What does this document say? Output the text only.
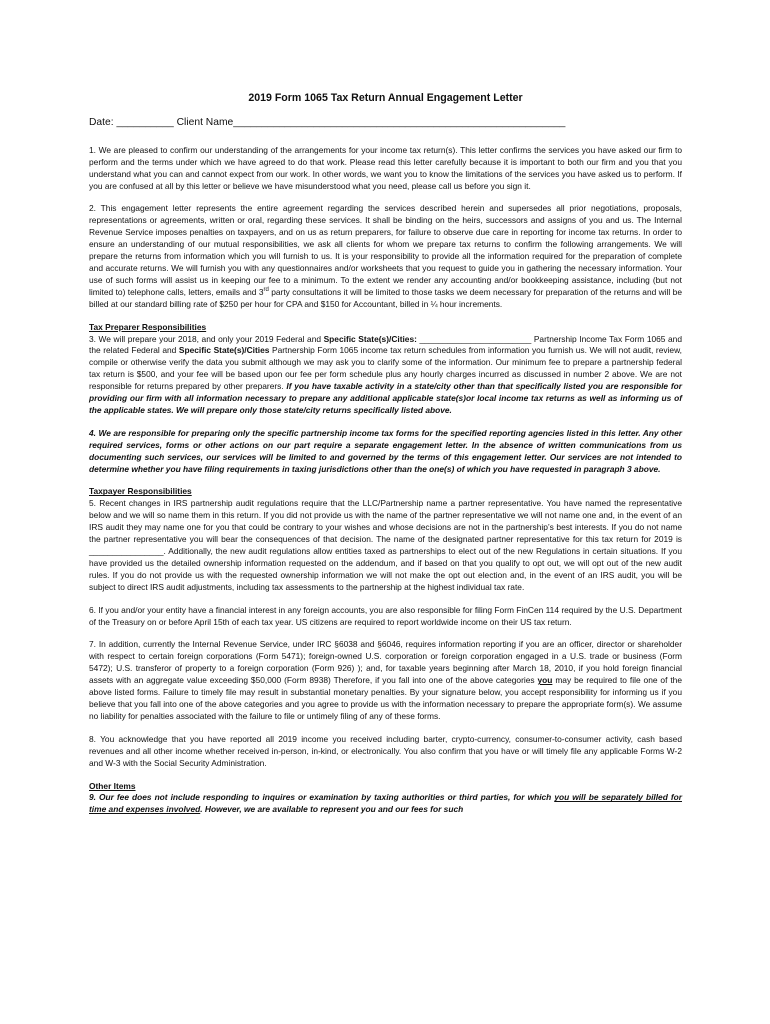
2019 Form 1065 Tax Return Annual Engagement Letter
Date: __________ Client Name__________________________________________________________

1. We are pleased to confirm our understanding of the arrangements for your income tax return(s). This letter confirms the services you have asked our firm to perform and the terms under which we have agreed to do that work. Please read this letter carefully because it is important to both our firm and you that you understand what you can and cannot expect from our work. In other words, we want you to know the limitations of the services you have asked us to perform. If you are confused at all by this letter or believe we have misunderstood what you need, please call us before you sign it.

2. This engagement letter represents the entire agreement regarding the services described herein and supersedes all prior negotiations, proposals, representations or agreements, written or oral, regarding these services. It shall be binding on the heirs, successors and assigns of you and us. The Internal Revenue Service imposes penalties on taxpayers, and on us as return preparers, for failure to observe due care in reporting for income tax returns. In order to ensure an understanding of our mutual responsibilities, we ask all clients for whom we prepare tax returns to confirm the following arrangements. We will prepare the returns from information which you will furnish to us. It is your responsibility to provide all the information required for the preparation of complete and accurate returns. We will furnish you with any questionnaires and/or worksheets that you request to guide you in gathering the necessary information. Your use of such forms will assist us in keeping our fee to a minimum. To the extent we render any accounting and/or bookkeeping assistance, including (but not limited to) telephone calls, letters, emails and 3rd party consultations it will be limited to those tasks we deem necessary for preparation of the returns and will be billed at our standard billing rate of $250 per hour for CPA and $150 for Accountant, billed in ¼ hour increments.

Tax Preparer Responsibilities
3. We will prepare your 2018, and only your 2019 Federal and Specific State(s)/Cities: ________________________ Partnership Income Tax Form 1065 and the related Federal and Specific State(s)/Cities Partnership Form 1065 income tax return schedules from information you furnish us. We will not audit, review, compile or otherwise verify the data you submit although we may ask you to clarify some of the information. Our minimum fee to prepare a partnership federal tax return is $500, and your fee will be based upon our fee per form schedule plus any hourly charges incurred as discussed in number 2 above. We are not responsible for returns prepared by other preparers. If you have taxable activity in a state/city other than that specifically listed you are responsible for providing our firm with all information necessary to prepare any additional applicable state(s)or local income tax returns as well as informing us of the applicable states. We will prepare only those state/city returns specifically listed above.

4. We are responsible for preparing only the specific partnership income tax forms for the specified reporting agencies listed in this letter. Any other required services, forms or other actions on our part require a separate engagement letter. In the absence of written communications from us documenting such services, our services will be limited to and governed by the terms of this engagement letter. Our services are not intended to determine whether you have filing requirements in taxing jurisdictions other than the one(s) of which you have requested in paragraph 3 above.

Taxpayer Responsibilities
5. Recent changes in IRS partnership audit regulations require that the LLC/Partnership name a partner representative. You have named the representative below and we will so name them in this return. If you did not provide us with the name of the partner representative we will not name one and, in the event of an IRS audit they may name one for you that could be contrary to your wishes and whose decisions are not in the partnership’s best interests. If you do not name the partner representative you will bear the consequences of that decision. The name of the designated partner representative for this tax return for 2019 is ________________. Additionally, the new audit regulations allow entities taxed as partnerships to elect out of the new Regulations in certain situations. If you have provided us the detailed ownership information requested on the addendum, and if based on that you qualify to opt out, we will opt out of the new audit rules. If you do not provide us with the requested ownership information we will not make the opt out election and, in the event of an IRS audit, you will be subject to direct IRS audit adjustments, including tax assessments to the partnership at the highest individual tax rate.

6. If you and/or your entity have a financial interest in any foreign accounts, you are also responsible for filing Form FinCen 114 required by the U.S. Department of the Treasury on or before April 15th of each tax year. US citizens are required to report worldwide income on their US tax return.

7. In addition, currently the Internal Revenue Service, under IRC §6038 and §6046, requires information reporting if you are an officer, director or shareholder with respect to certain foreign corporations (Form 5471); foreign-owned U.S. corporation or foreign corporation engaged in a U.S. trade or business (Form 5472); U.S. transferor of property to a foreign corporation (Form 926) ); and, for taxable years beginning after March 18, 2010, if you hold foreign financial assets with an aggregate value exceeding $50,000 (Form 8938) Therefore, if you fall into one of the above categories you may be required to file one of the above listed forms. Failure to timely file may result in substantial monetary penalties. By your signature below, you accept responsibility for informing us if you believe that you fall into one of the above categories and you agree to provide us with the information necessary to prepare the appropriate form(s). We assume no liability for penalties associated with the failure to file or untimely filing of any of these forms.

8. You acknowledge that you have reported all 2019 income you received including barter, crypto-currency, consumer-to-consumer activity, cash based revenues and all other income whether received in-person, in-kind, or electronically. You also confirm that you have or will timely file any applicable Forms W-2 and W-3 with the Social Security Administration.

Other Items
9. Our fee does not include responding to inquires or examination by taxing authorities or third parties, for which you will be separately billed for time and expenses involved. However, we are available to represent you and our fees for such
